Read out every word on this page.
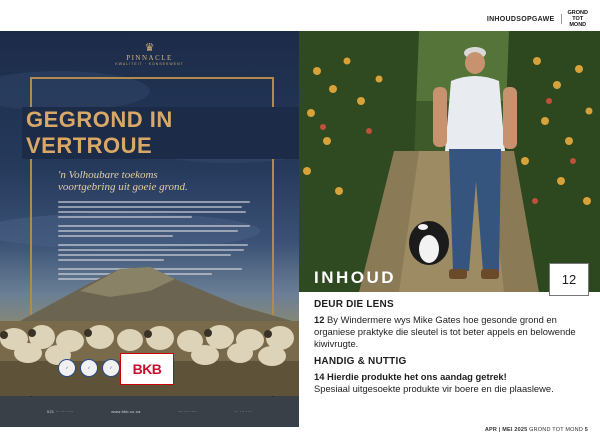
INHOUDSOPGAWE
GROND
TOT
MOND
♛
PINNACLE
KWALITEIT · KONSEKWENT
GEGROND IN VERTROUE
'n Volhoubare toekoms
voortgebring uit goeie grond.
✓	✓	✓	BKB
021 ··· ··· ····	www.bkb.co.za	··· ··· ····	··· ··· ····
INHOUD	12
DEUR DIE LENS
12 By Windermere wys Mike Gates hoe gesonde grond en organiese praktyke die sleutel is tot beter appels en belowende kiwivrugte.
HANDIG & NUTTIG
14 Hierdie produkte het ons aandag getrek!
Spesiaal uitgesoekte produkte vir boere en die plaaslewe.
APR | MEI 2025 GROND TOT MOND 5
